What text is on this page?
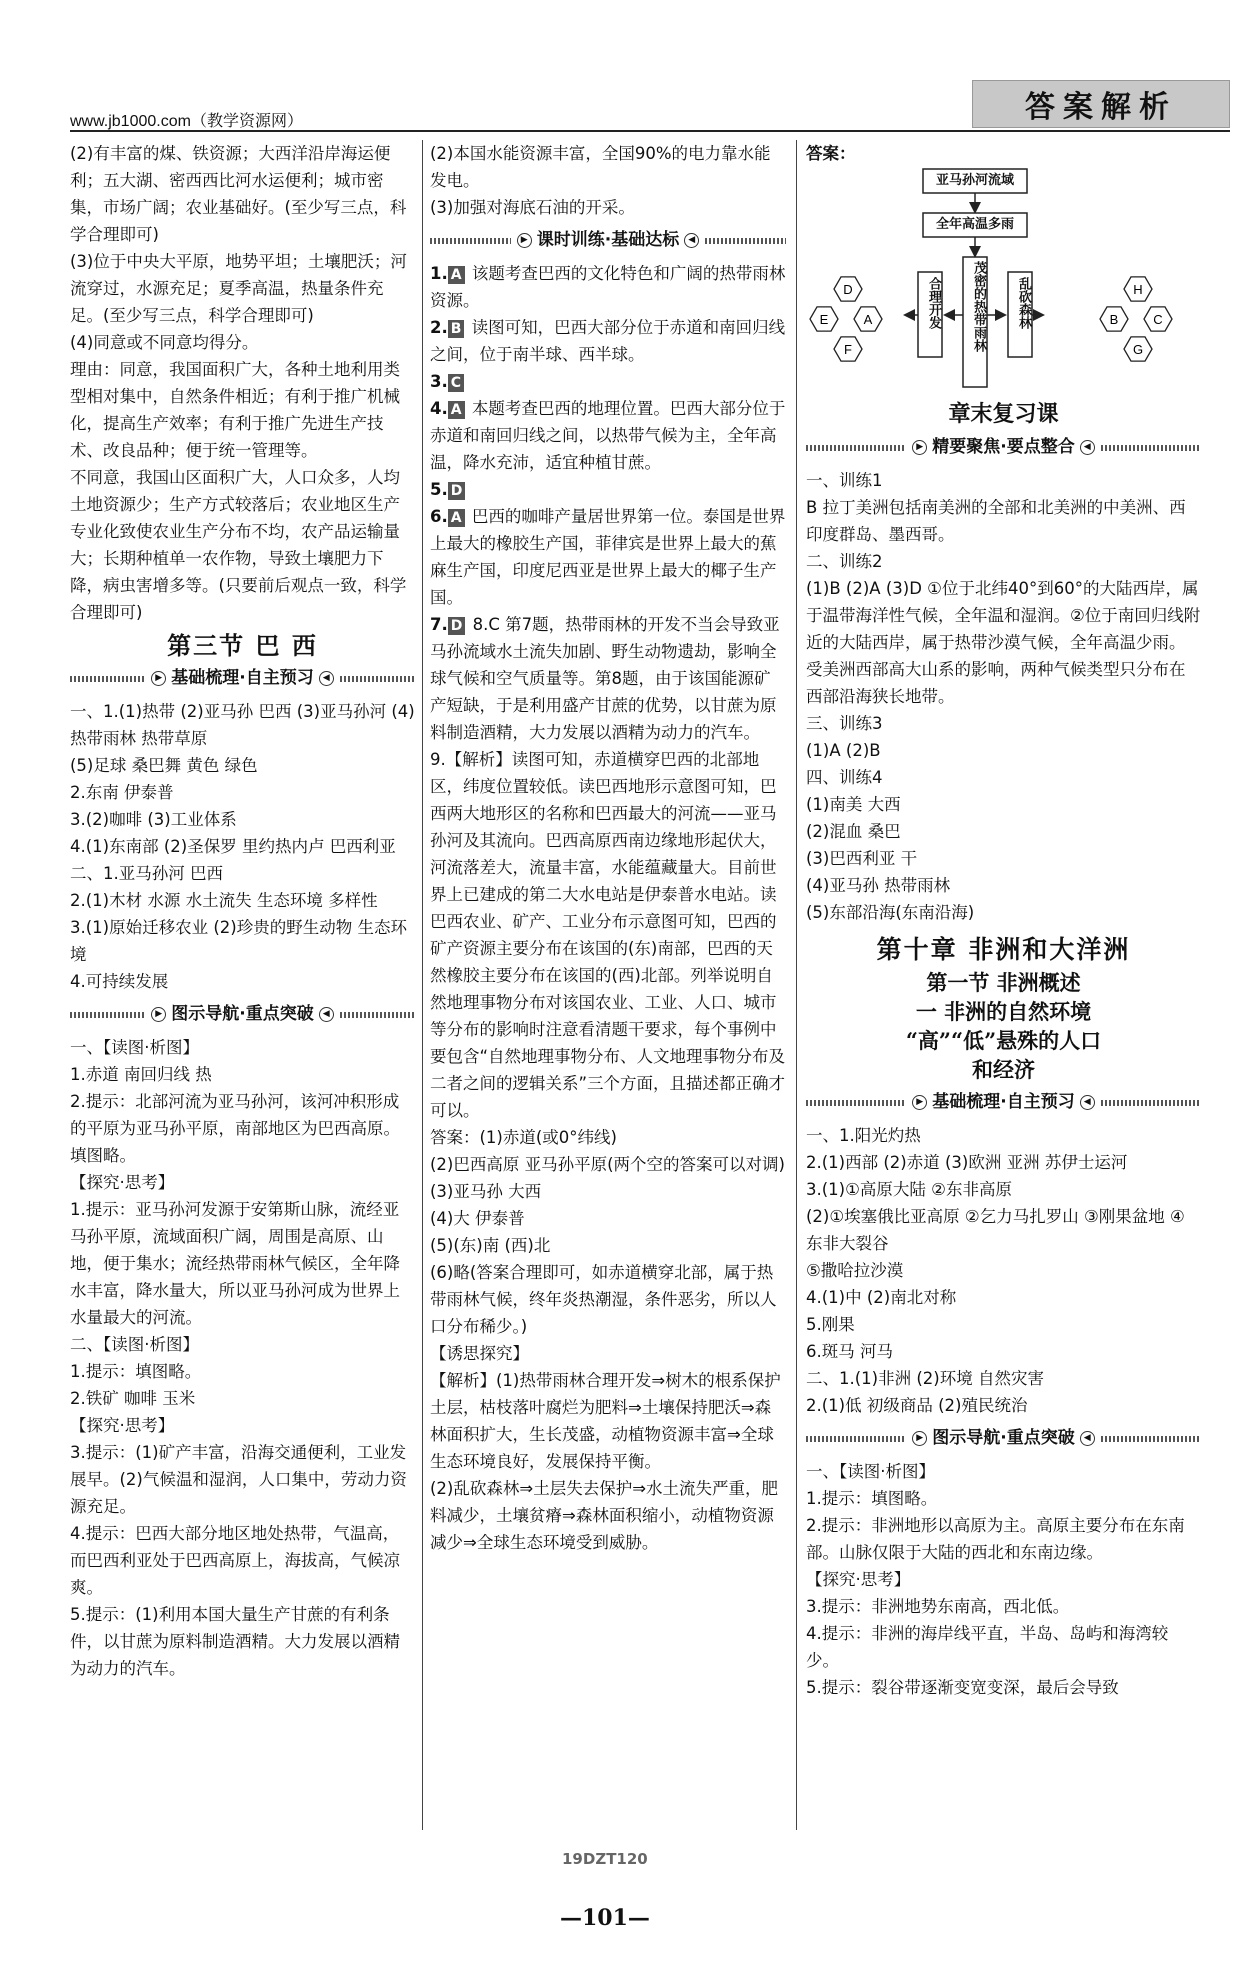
www.jb1000.com（教学资源网）	答案解析
(2)有丰富的煤、铁资源；大西洋沿岸海运便利；五大湖、密西西比河水运便利；城市密集，市场广阔；农业基础好。(至少写三点，科学合理即可)
(3)位于中央大平原，地势平坦；土壤肥沃；河流穿过，水源充足；夏季高温，热量条件充足。(至少写三点，科学合理即可)
(4)同意或不同意均得分。
理由：同意，我国面积广大，各种土地利用类型相对集中，自然条件相近；有利于推广机械化，提高生产效率；有利于推广先进生产技术、改良品种；便于统一管理等。
不同意，我国山区面积广大，人口众多，人均土地资源少；生产方式较落后；农业地区生产专业化致使农业生产分布不均，农产品运输量大；长期种植单一农作物，导致土壤肥力下降，病虫害增多等。(只要前后观点一致，科学合理即可)
第三节 巴 西
▶ 基础梳理·自主预习	◀
一、1.(1)热带 (2)亚马孙 巴西 (3)亚马孙河 (4)热带雨林 热带草原
(5)足球 桑巴舞 黄色 绿色
2.东南 伊泰普
3.(2)咖啡 (3)工业体系
4.(1)东南部 (2)圣保罗 里约热内卢 巴西利亚
二、1.亚马孙河 巴西
2.(1)木材 水源 水土流失 生态环境 多样性
3.(1)原始迁移农业 (2)珍贵的野生动物 生态环境
4.可持续发展
▶ 图示导航·重点突破	◀
一、【读图·析图】
1.赤道 南回归线 热
2.提示：北部河流为亚马孙河，该河冲积形成的平原为亚马孙平原，南部地区为巴西高原。填图略。
【探究·思考】
1.提示：亚马孙河发源于安第斯山脉，流经亚马孙平原，流域面积广阔，周围是高原、山地，便于集水；流经热带雨林气候区，全年降水丰富，降水量大，所以亚马孙河成为世界上水量最大的河流。
二、【读图·析图】
1.提示：填图略。
2.铁矿 咖啡 玉米
【探究·思考】
3.提示：(1)矿产丰富，沿海交通便利，工业发展早。(2)气候温和湿润，人口集中，劳动力资源充足。
4.提示：巴西大部分地区地处热带，气温高，而巴西利亚处于巴西高原上，海拔高，气候凉爽。
5.提示：(1)利用本国大量生产甘蔗的有利条件，以甘蔗为原料制造酒精。大力发展以酒精为动力的汽车。
(2)本国水能资源丰富，全国90%的电力靠水能发电。
(3)加强对海底石油的开采。
▶ 课时训练·基础达标	◀
1. A 该题考查巴西的文化特色和广阔的热带雨林资源。
2. B 读图可知，巴西大部分位于赤道和南回归线之间，位于南半球、西半球。
3. C
4. A 本题考查巴西的地理位置。巴西大部分位于赤道和南回归线之间，以热带气候为主，全年高温，降水充沛，适宜种植甘蔗。
5. D
6. A 巴西的咖啡产量居世界第一位。泰国是世界上最大的橡胶生产国，菲律宾是世界上最大的蕉麻生产国，印度尼西亚是世界上最大的椰子生产国。
7. D 8.C 第7题，热带雨林的开发不当会导致亚马孙流域水土流失加剧、野生动物遗劫，影响全球气候和空气质量等。第8题，由于该国能源矿产短缺，于是利用盛产甘蔗的优势，以甘蔗为原料制造酒精，大力发展以酒精为动力的汽车。
9.【解析】读图可知，赤道横穿巴西的北部地区，纬度位置较低。读巴西地形示意图可知，巴西两大地形区的名称和巴西最大的河流——亚马孙河及其流向。巴西高原西南边缘地形起伏大，河流落差大，流量丰富，水能蕴藏量大。目前世界上已建成的第二大水电站是伊泰普水电站。读巴西农业、矿产、工业分布示意图可知，巴西的矿产资源主要分布在该国的(东)南部，巴西的天然橡胶主要分布在该国的(西)北部。列举说明自然地理事物分布对该国农业、工业、人口、城市等分布的影响时注意看清题干要求，每个事例中要包含“自然地理事物分布、人文地理事物分布及二者之间的逻辑关系”三个方面，且描述都正确才可以。
答案：(1)赤道(或0°纬线)
(2)巴西高原 亚马孙平原(两个空的答案可以对调)
(3)亚马孙 大西
(4)大 伊泰普
(5)(东)南 (西)北
(6)略(答案合理即可，如赤道横穿北部，属于热带雨林气候，终年炎热潮湿，条件恶劣，所以人口分布稀少。)
【诱思探究】
【解析】(1)热带雨林合理开发⇒树木的根系保护土层，枯枝落叶腐烂为肥料⇒土壤保持肥沃⇒森林面积扩大，生长茂盛，动植物资源丰富⇒全球生态环境良好，发展保持平衡。
(2)乱砍森林⇒土层失去保护⇒水土流失严重，肥料减少，土壤贫瘠⇒森林面积缩小，动植物资源减少⇒全球生态环境受到威胁。
答案：
D
E	A
F
H
B	C
G
亚马孙河流域
全年高温多雨
合理开发	茂密的热带雨林	乱砍森林
章末复习课
▶ 精要聚焦·要点整合	◀
一、训练1
B 拉丁美洲包括南美洲的全部和北美洲的中美洲、西印度群岛、墨西哥。
二、训练2
(1)B (2)A (3)D ①位于北纬40°到60°的大陆西岸，属于温带海洋性气候，全年温和湿润。②位于南回归线附近的大陆西岸，属于热带沙漠气候，全年高温少雨。受美洲西部高大山系的影响，两种气候类型只分布在西部沿海狭长地带。
三、训练3
(1)A (2)B
四、训练4
(1)南美 大西
(2)混血 桑巴
(3)巴西利亚 干
(4)亚马孙 热带雨林
(5)东部沿海(东南沿海)
第十章 非洲和大洋洲
第一节 非洲概述
一 非洲的自然环境
“高”“低”悬殊的人口
和经济
▶ 基础梳理·自主预习	◀
一、1.阳光灼热
2.(1)西部 (2)赤道 (3)欧洲 亚洲 苏伊士运河
3.(1)①高原大陆 ②东非高原
(2)①埃塞俄比亚高原 ②乞力马扎罗山 ③刚果盆地 ④东非大裂谷
⑤撒哈拉沙漠
4.(1)中 (2)南北对称
5.刚果
6.斑马 河马
二、1.(1)非洲 (2)环境 自然灾害
2.(1)低 初级商品 (2)殖民统治
▶ 图示导航·重点突破	◀
一、【读图·析图】
1.提示：填图略。
2.提示：非洲地形以高原为主。高原主要分布在东南部。山脉仅限于大陆的西北和东南边缘。
【探究·思考】
3.提示：非洲地势东南高，西北低。
4.提示：非洲的海岸线平直，半岛、岛屿和海湾较少。
5.提示：裂谷带逐渐变宽变深，最后会导致
19DZT120
—101—
